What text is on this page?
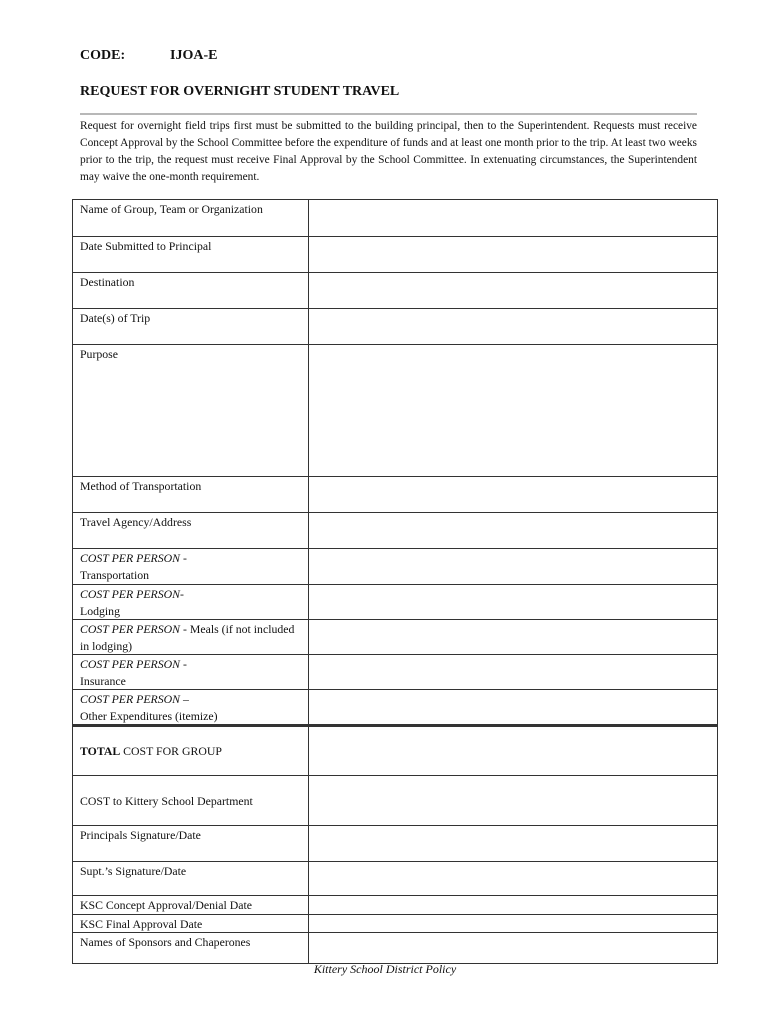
CODE:	IJOA-E
REQUEST FOR OVERNIGHT STUDENT TRAVEL

Request for overnight field trips first must be submitted to the building principal, then to the Superintendent. Requests must receive Concept Approval by the School Committee before the expenditure of funds and at least one month prior to the trip. At least two weeks prior to the trip, the request must receive Final Approval by the School Committee. In extenuating circumstances, the Superintendent may waive the one-month requirement.

Name of Group, Team or Organization	
Date Submitted to Principal	
Destination	
Date(s) of Trip	
Purpose	
Method of Transportation	
Travel Agency/Address	
COST PER PERSON -
Transportation	
COST PER PERSON-
Lodging	
COST PER PERSON - Meals (if not included in lodging)	
COST PER PERSON -
Insurance	
COST PER PERSON –
Other Expenditures (itemize)	
TOTAL COST FOR GROUP	
COST to Kittery School Department	
Principals Signature/Date	
Supt.’s Signature/Date	
KSC Concept Approval/Denial Date	
KSC Final Approval Date	
Names of Sponsors and Chaperones	
Kittery School District Policy
